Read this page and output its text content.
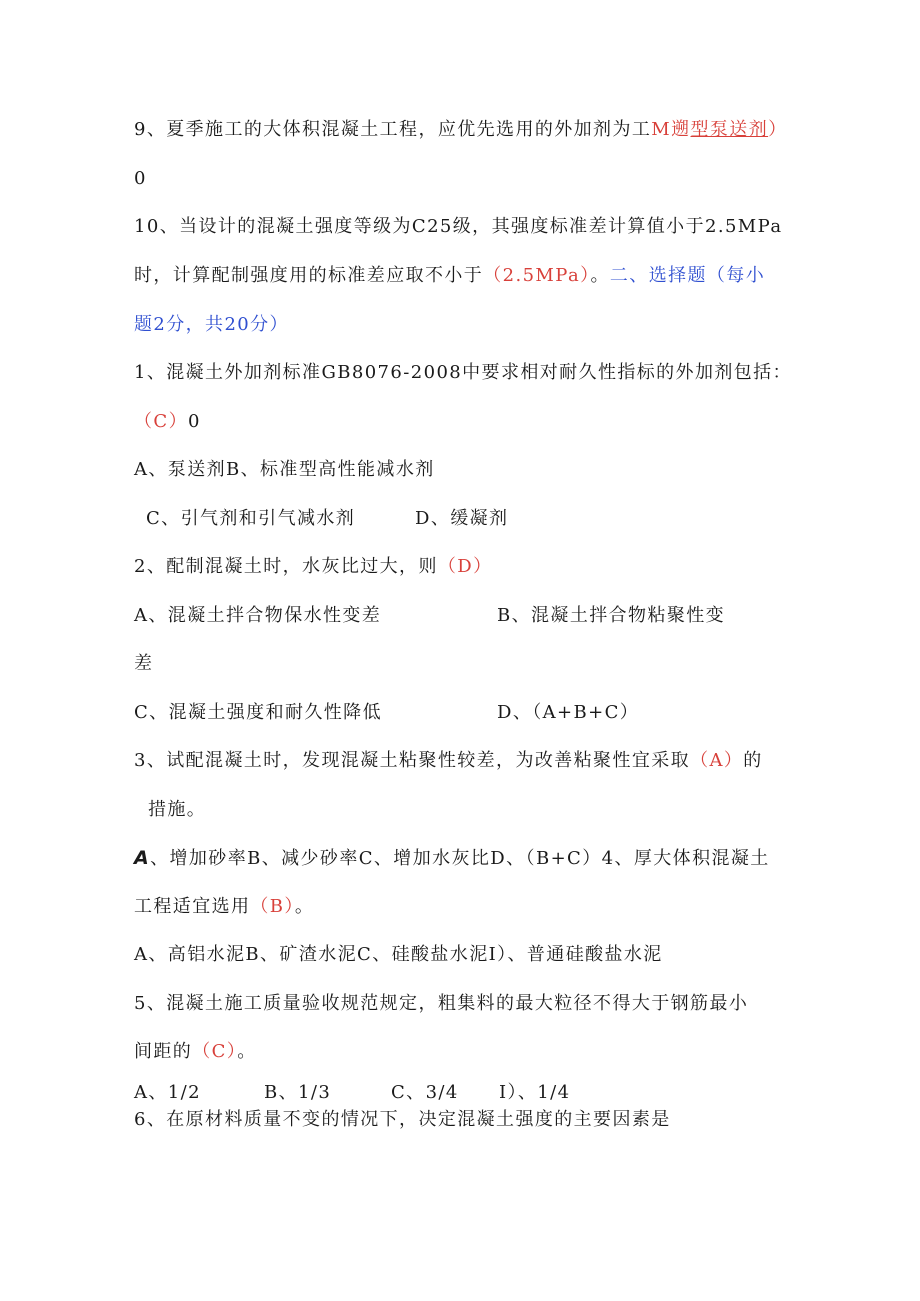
9、夏季施工的大体积混凝土工程，应优先选用的外加剂为工M遡型泵送剂）
0
10、当设计的混凝土强度等级为C25级，其强度标准差计算值小于2.5MPa
时，计算配制强度用的标准差应取不小于（2.5MPa）。二、选择题（每小
题2分，共20分）
1、混凝土外加剂标准GB8076-2008中要求相对耐久性指标的外加剂包括：
（C）0
A、泵送剂B、标准型高性能减水剂
C、引气剂和引气减水剂	D、缓凝剂
2、配制混凝土时，水灰比过大，则（D）
A、混凝土拌合物保水性变差	B、混凝土拌合物粘聚性变
差
C、混凝土强度和耐久性降低	D、（A+B+C）
3、试配混凝土时，发现混凝土粘聚性较差，为改善粘聚性宜采取（A）的
措施。
A、增加砂率B、减少砂率C、增加水灰比D、（B+C）4、厚大体积混凝土
工程适宜选用（B）。
A、高铝水泥B、矿渣水泥C、硅酸盐水泥I）、普通硅酸盐水泥
5、混凝土施工质量验收规范规定，粗集料的最大粒径不得大于钢筋最小
间距的（C）。
A、1/2	B、1/3	C、3/4 I）、1/4
6、在原材料质量不变的情况下，决定混凝土强度的主要因素是
